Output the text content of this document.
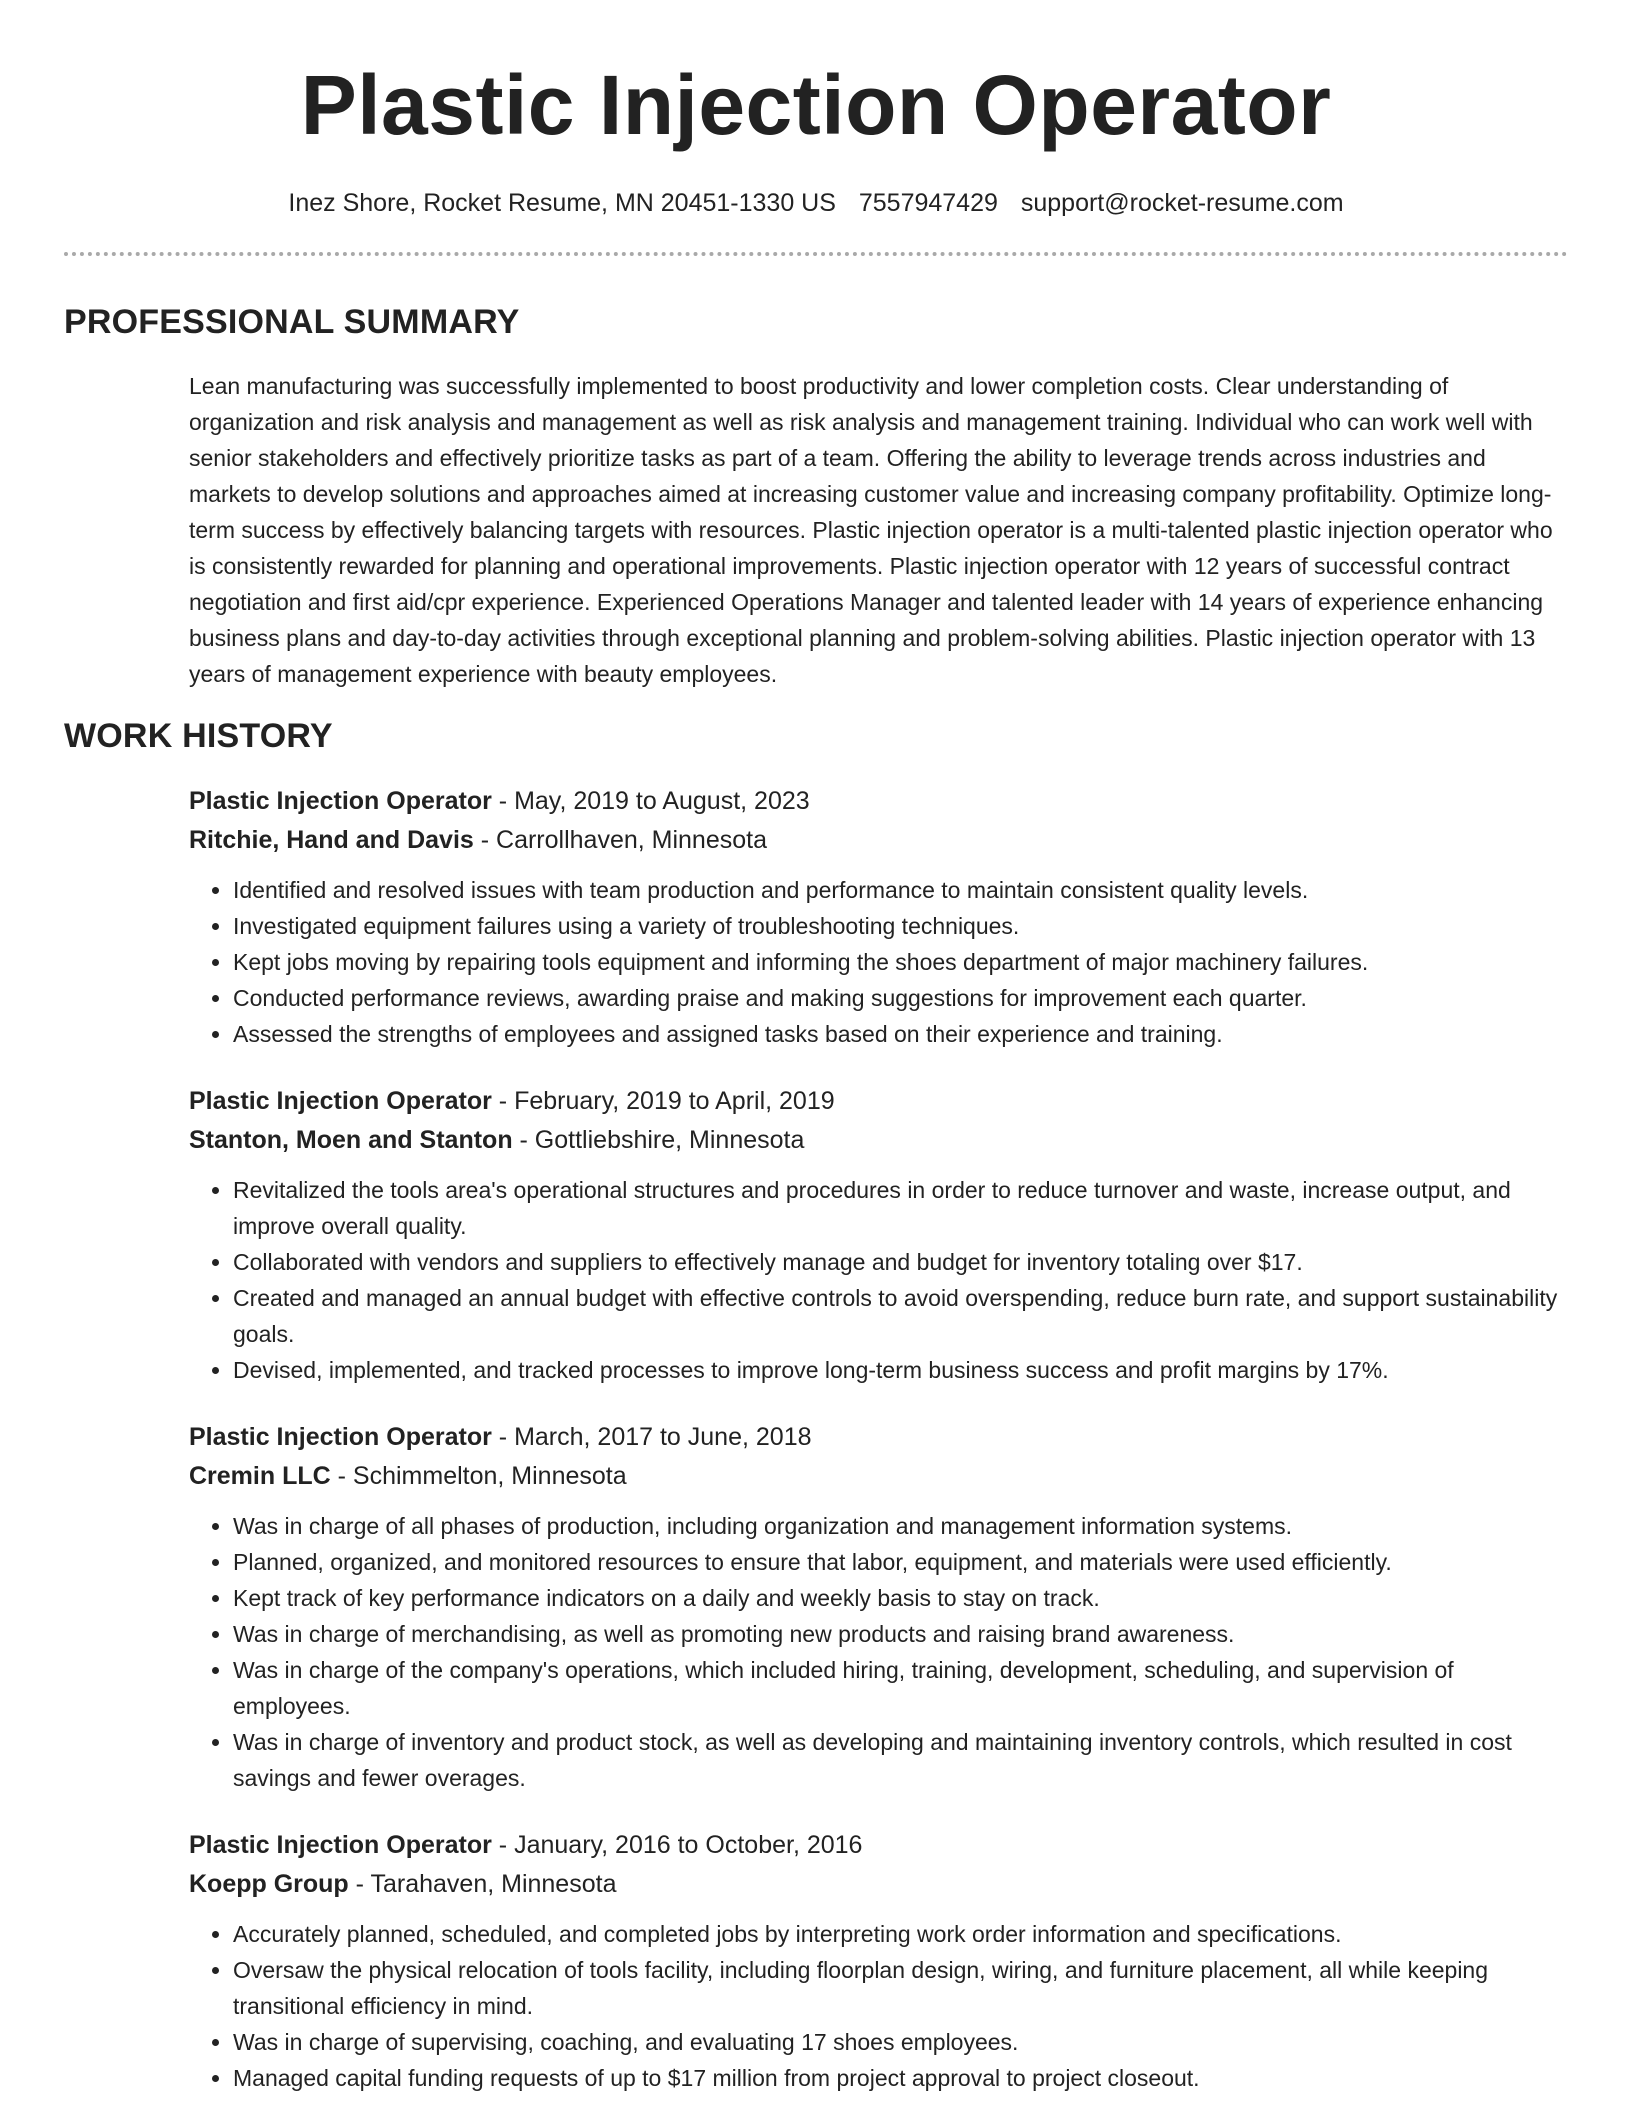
Plastic Injection Operator
Inez Shore, Rocket Resume, MN 20451-1330 US 7557947429 support@rocket-resume.com
PROFESSIONAL SUMMARY
Lean manufacturing was successfully implemented to boost productivity and lower completion costs. Clear understanding of organization and risk analysis and management as well as risk analysis and management training. Individual who can work well with senior stakeholders and effectively prioritize tasks as part of a team. Offering the ability to leverage trends across industries and markets to develop solutions and approaches aimed at increasing customer value and increasing company profitability. Optimize long-term success by effectively balancing targets with resources. Plastic injection operator is a multi-talented plastic injection operator who is consistently rewarded for planning and operational improvements. Plastic injection operator with 12 years of successful contract negotiation and first aid/cpr experience. Experienced Operations Manager and talented leader with 14 years of experience enhancing business plans and day-to-day activities through exceptional planning and problem-solving abilities. Plastic injection operator with 13 years of management experience with beauty employees.
WORK HISTORY
Plastic Injection Operator - May, 2019 to August, 2023
Ritchie, Hand and Davis - Carrollhaven, Minnesota
• Identified and resolved issues with team production and performance to maintain consistent quality levels.
• Investigated equipment failures using a variety of troubleshooting techniques.
• Kept jobs moving by repairing tools equipment and informing the shoes department of major machinery failures.
• Conducted performance reviews, awarding praise and making suggestions for improvement each quarter.
• Assessed the strengths of employees and assigned tasks based on their experience and training.
Plastic Injection Operator - February, 2019 to April, 2019
Stanton, Moen and Stanton - Gottliebshire, Minnesota
• Revitalized the tools area's operational structures and procedures in order to reduce turnover and waste, increase output, and improve overall quality.
• Collaborated with vendors and suppliers to effectively manage and budget for inventory totaling over $17.
• Created and managed an annual budget with effective controls to avoid overspending, reduce burn rate, and support sustainability goals.
• Devised, implemented, and tracked processes to improve long-term business success and profit margins by 17%.
Plastic Injection Operator - March, 2017 to June, 2018
Cremin LLC - Schimmelton, Minnesota
• Was in charge of all phases of production, including organization and management information systems.
• Planned, organized, and monitored resources to ensure that labor, equipment, and materials were used efficiently.
• Kept track of key performance indicators on a daily and weekly basis to stay on track.
• Was in charge of merchandising, as well as promoting new products and raising brand awareness.
• Was in charge of the company's operations, which included hiring, training, development, scheduling, and supervision of employees.
• Was in charge of inventory and product stock, as well as developing and maintaining inventory controls, which resulted in cost savings and fewer overages.
Plastic Injection Operator - January, 2016 to October, 2016
Koepp Group - Tarahaven, Minnesota
• Accurately planned, scheduled, and completed jobs by interpreting work order information and specifications.
• Oversaw the physical relocation of tools facility, including floorplan design, wiring, and furniture placement, all while keeping transitional efficiency in mind.
• Was in charge of supervising, coaching, and evaluating 17 shoes employees.
• Managed capital funding requests of up to $17 million from project approval to project closeout.
